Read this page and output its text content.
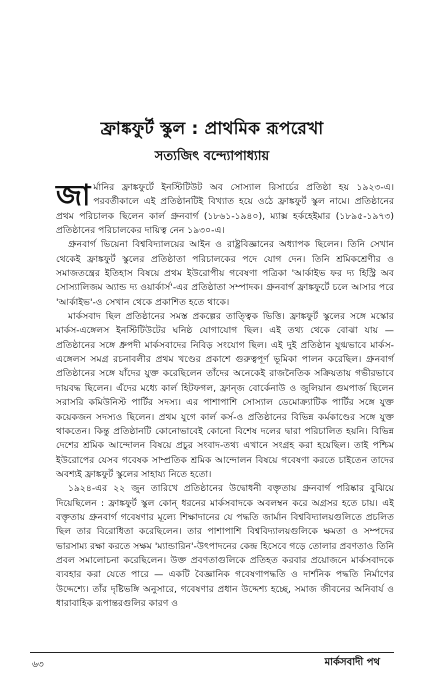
ফ্রাঙ্কফুর্ট স্কুল : প্রাথমিক রূপরেখা
সত্যজিৎ বন্দ্যোপাধ্যায়

জার্মানির ফ্রাঙ্কফুর্টে ইনস্টিটিউট অব সোস্যাল রিসার্চের প্রতিষ্ঠা হয় ১৯২৩-এ। পরবর্তীকালে এই প্রতিষ্ঠানটিই বিখ্যাত হয়ে ওঠে ফ্রাঙ্কফুর্ট স্কুল নামে। প্রতিষ্ঠানের প্রথম পরিচালক ছিলেন কার্ল গ্রুনবার্গ (১৮৬১-১৯৪০), ম্যাক্স হর্কহেইমার (১৮৯৫-১৯৭৩) প্রতিষ্ঠানের পরিচালকের দায়িত্ব নেন ১৯৩০-এ।

গ্রুনবার্গ ভিয়েনা বিশ্ববিদ্যালয়ের আইন ও রাষ্ট্রবিজ্ঞানের অধ্যাপক ছিলেন। তিনি সেখান থেকেই ফ্রাঙ্কফুর্ট স্কুলের প্রতিষ্ঠাতা পরিচালকের পদে যোগ দেন। তিনি শ্রমিকশ্রেণীর ও সমাজতন্ত্রের ইতিহাস বিষয়ে প্রথম ইউরোপীয় গবেষণা পত্রিকা 'আর্কাইভ ফর দ্য হিস্ট্রি অব সোস্যালিজম অ্যান্ড দ্য ওয়ার্কার্স'-এর প্রতিষ্ঠাতা সম্পাদক। গ্রুনবার্গ ফ্রাঙ্কফুর্টে চলে আসার পরে 'আর্কাইভ'-ও সেখান থেকে প্রকাশিত হতে থাকে।

মার্কসবাদ ছিল প্রতিষ্ঠানের সমস্ত প্রকল্পের তাত্ত্বিক ভিত্তি। ফ্রাঙ্কফুর্ট স্কুলের সঙ্গে মস্কোর মার্কস-এঙ্গেলস ইনস্টিটিউটের ঘনিষ্ঠ যোগাযোগ ছিল। এই তথ্য থেকে বোঝা যায় — প্রতিষ্ঠানের সঙ্গে ধ্রুপদী মার্কসবাদের নিবিড় সংযোগ ছিল। এই দুই প্রতিষ্ঠান যুগ্মভাবে মার্কস-এঙ্গেলস সমগ্র রচনাবলীর প্রথম খণ্ডের প্রকাশে গুরুত্বপূর্ণ ভূমিকা পালন করেছিল। গ্রুনবার্গ প্রতিষ্ঠানের সঙ্গে যাঁদের যুক্ত করেছিলেন তাঁদের অনেকেই রাজনৈতিক সক্রিয়তায় গভীরভাবে দায়বদ্ধ ছিলেন। এঁদের মধ্যে কার্ল হিটফগল, ফ্রান্জ বোর্কেনাউ ও জুলিয়ান গুমপার্জ ছিলেন সরাসরি কমিউনিস্ট পার্টির সদস্য। এর পাশাপাশি সোস্যাল ডেমোক্র্যাটিক পার্টির সঙ্গে যুক্ত কয়েকজন সদস্যও ছিলেন। প্রথম যুগে কার্ল কর্স-ও প্রতিষ্ঠানের বিভিন্ন কর্মকাণ্ডের সঙ্গে যুক্ত থাকতেন। কিন্তু প্রতিষ্ঠানটি কোনোভাবেই কোনো বিশেষ দলের দ্বারা পরিচালিত হয়নি। বিভিন্ন দেশের শ্রমিক আন্দোলন বিষয়ে প্রচুর সংবাদ-তথ্য এখানে সংগ্রহ করা হয়েছিল। তাই পশ্চিম ইউরোপের যেসব গবেষক সাম্প্রতিক শ্রমিক আন্দোলন বিষয়ে গবেষণা করতে চাইতেন তাদের অবশ্যই ফ্রাঙ্কফুর্ট স্কুলের সাহায্য নিতে হতো।

১৯২৪-এর ২২ জুন তারিখে প্রতিষ্ঠানের উদ্বোধনী বক্তৃতায় গ্রুনবার্গ পরিষ্কার বুঝিয়ে দিয়েছিলেন : ফ্রাঙ্কফুর্ট স্কুল কোন্ ধরনের মার্কসবাদকে অবলম্বন করে অগ্রসর হতে চায়। এই বক্তৃতায় গ্রুনবার্গ গবেষণার মূল্যে শিক্ষাদানের যে পদ্ধতি জার্মান বিশ্ববিদ্যালয়গুলিতে প্রচলিত ছিল তার বিরোধিতা করেছিলেন। তার পাশাপাশি বিশ্ববিদ্যালয়গুলিকে ক্ষমতা ও সম্পদের ভারসাম্য রক্ষা করতে সক্ষম 'ম্যান্ডারিন'-উৎপাদনের কেন্দ্র হিসেবে গড়ে তোলার প্রবণতাও তিনি প্রবল সমালোচনা করেছিলেন। উক্ত প্রবণতাগুলিকে প্রতিহত করবার প্রয়োজনে মার্কসবাদকে ব্যবহার করা যেতে পারে — একটি বৈজ্ঞানিক গবেষণাপদ্ধতি ও দার্শনিক পদ্ধতি নির্মাণের উদ্দেশ্যে। তাঁর দৃষ্টিভঙ্গি অনুসারে, গবেষণার প্রধান উদ্দেশ্য হচ্ছে, সমাজ জীবনের অনিবার্য ও ধারাবাহিক রূপান্তরগুলির কারণ ও

৬৩	মার্কসবাদী পথ
